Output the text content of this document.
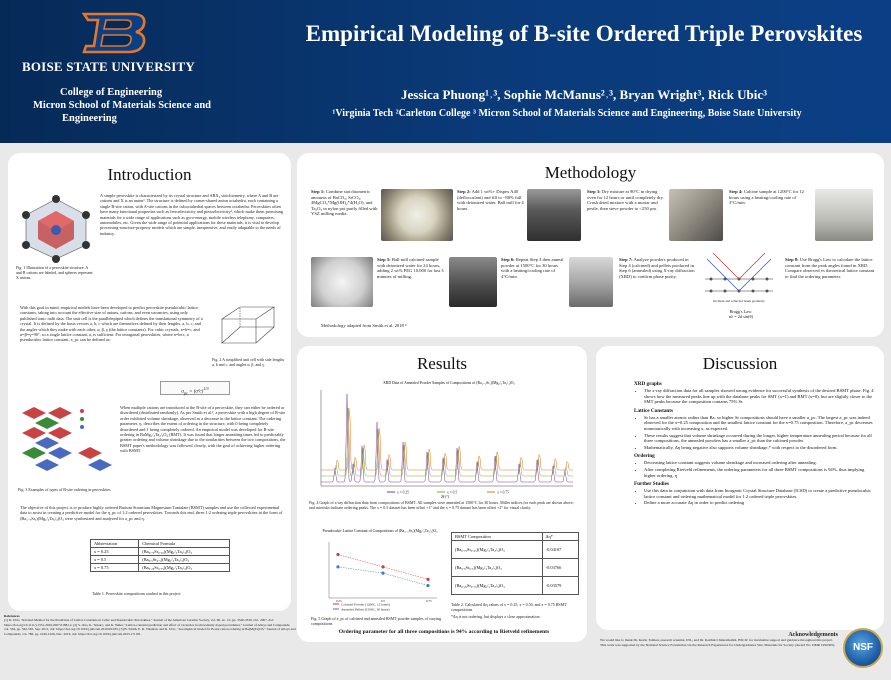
BOISE STATE UNIVERSITY
College of Engineering
Micron School of Materials Science and
Engineering
Empirical Modeling of B-site Ordered Triple Perovskites
Jessica Phuong¹˒³, Sophie McManus²˒³, Bryan Wright³, Rick Ubic³
¹Virginia Tech ²Carleton College ³ Micron School of Materials Science and Engineering, Boise State University
Introduction
Fig. 1 Illustration of a perovskite structure. A and B cations are labeled, and spheres represent X anions.
A simple perovskite is characterized by its crystal structure and ABX₃ stoichiometry, where A and B are cations and X is an anion¹. The structure is defined by corner-shared anion octahedra, each containing a single B-site cation, with A-site cations in the cuboctahedral spaces between octahedra. Perovskites often have many functional properties such as ferroelectricity and piezoelectricity², which make them promising materials for a wide range of applications such as gyro-energy, mobile wireless telephony, computers, automobiles, etc. Given the wide range of potential applications for these materials, it is vital to develop processing-structure-property models which are simple, inexpensive, and easily adaptable to the needs of industry.
With this goal in mind, empirical models have been developed to predict perovskite pseudocubic lattice constants, taking into account the effective size of anions, cations, and even vacancies, using only published ionic radii data. The unit cell is the parallelepiped which defines the translational symmetry of a crystal. It is defined by the basis vectors a, b, c which are themselves defined by their lengths, a, b, c, and the angles which they make with each other, α, β, γ (the lattice constants). For cubic crystals, a=b=c, and α=β=γ=90°, so a single lattice constant, a, is sufficient. For tetragonal perovskites, where a=b≠c, a pseudocubic lattice constant, a_pc can be defined as:
Fig. 2 A simplified unit cell with side lengths a, b and c, and angles α, β, and γ.
$a_{pc} = (a^2c)^{1/3}$
Fig. 3 Examples of types of B-site ordering in perovskites
When multiple cations are introduced at the B-site of a perovskite, they can either be ordered or disordered (distributed randomly). As per Smith et al.³, a perovskite with a high degree of B-site order exhibited volume shrinkage, observed as a decrease in the lattice constant. The ordering parameter, η, describes the extent of ordering in the structure, with 0 being completely disordered and 1 being completely ordered. An empirical model was developed for B-site ordering in BaMg₁/₃Ta₂/₃O₃ (BMT). It was found that longer annealing times led to predictably greater ordering and volume shrinkage due to the similarities between the two compositions, the BSMT paper's methodology was followed closely, with the goal of achieving higher ordering with BSMT.
The objective of this project is to produce highly ordered Barium Strontium Magnesium Tantalate (BSMT) samples and use the collected experimental data to assist in creating a predictive model for the η_pc of 1:2 ordered perovskites. Towards this end, three 1:2 ordering triple perovskites in the form of (Ba₁₋ₓSrₓ)(Mg₁/₃Ta₂/₃)O₃ were synthesized and analyzed for a_pc and η.
Abbreviation	Chemical Formula
x = 0.25	(Ba₀.₇₅Sr₀.₂₅)(Mg₁/₃Ta₂/₃)O₃
x = 0.5	(Ba₀.₅Sr₀.₅)(Mg₁/₃Ta₂/₃)O₃
x = 0.75	(Ba₀.₂₅Sr₀.₇₅)(Mg₁/₃Ta₂/₃)O₃
Table 1. Perovskite compositions studied in this project
References
[1] R. Ubic, "Revised Method for the Prediction of Lattice Constants in Cubic and Pseudocubic Perovskites," Journal of the American Ceramic Society, vol. 90, no. 10, pp. 3326-3330, Oct. 2007, doi: https://doi.org/10.1111/j.1551-2916.2007.01881.x. [2] S. Ono, K. Tetsuro, and K. Yuhei, "Lattice-constant prediction and effect of vacancies in aliovalently doped perovskites," Journal of Alloys and Compounds, vol. 504, pp. 562-565, Sep. 2011, doi: https://doi.org/10.1016/j.jallcom.2010.09.033. [3] B. Smith, E. R. Vaisman, and R. Ubic, "An empirical model for B-site cation ordering in Ba(MgTa)O3," Journal of Alloys and Compounds, vol. 786, pp. 1020-1026, Dec. 2019, doi: https://doi.org/10.1016/j.jallcom.2023.171181.
Methodology
Step 1: Combine stoichiometric amounts of BaCO₃, SrCO₃, 4MgCO₃*Mg(OH)₂*4(H₂O), and Ta₂O₅ in nylon pot partly filled with YSZ milling media.
Step 2: Add 1 wt%+ Dispex A40 (deflocculant) and fill to ~80% full with deionized water. Ball mill for 4 hours.
Step 3: Dry mixture at 90°C in drying oven for 12 hours or until completely dry. Crush dried mixture with a mortar and pestle, then sieve powder to <250 μm.
Step 4: Calcine sample at 1200°C for 12 hours using a heating/cooling rate of 3°C/min.
Step 5: Ball mill calcined sample with deionized water for 24 hours, adding 2 wt% PEG 10,000 for last 3 minutes of milling.
Step 6: Repeat Step 3 then anneal powder at 1500°C for 30 hours with a heating/cooling rate of 4°C/min.
Step 7: Analyze powders produced in Step 4 (calcined) and pellets produced in Step 6 (annealed) using X-ray diffraction (XRD) to confirm phase purity.
Incident and reflected beam geometry
Bragg's Law:
nλ = 2d sin(θ)
Step 8: Use Bragg's Law to calculate the lattice constant from the peak angles found in XRD. Compare observed vs theoretical lattice constant to find the ordering parameter.
Methodology adapted from Smith et al. 2018 ³
Results
XRD Data of Annealed Powder Samples of Compositions of (Ba₁₋ₓSrₓ)(Mg₁/₃Ta₂/₃)O₃
x = 0.25	x = 0.5	x = 0.75
2θ (°)
Fig. 4 Graph of x-ray diffraction data from compositions of BSMT. All samples were annealed at 1500°C for 30 hours. Miller indices for each peak are shown above, and asterisks indicate ordering peaks. The x = 0.5 dataset has been offset +1° and the x = 0.75 dataset has been offset +2° for visual clarity.
Pseudocubic Lattice Constant of Compositions of (Ba₁₋ₓSrₓ)(Mg₁/₃Ta₂/₃)O₃
Calcined Powder (1200C, 12 hours)
Annealed Pellets (1500C, 30 hours)
0.25	0.5	0.75
Fig. 5 Graph of a_pc of calcined and annealed BSMT powder samples of varying compositions
BSMT Composition	Δη*
(Ba₀.₇₅Sr₀.₂₅)(Mg₁/₃Ta₂/₃)O₃	-0.04107
(Ba₀.₅Sr₀.₅)(Mg₁/₃Ta₂/₃)O₃	-0.03766
(Ba₀.₂₅Sr₀.₇₅)(Mg₁/₃Ta₂/₃)O₃	-0.03579
Table 2. Calculated Δη values of x = 0.25, x = 0.50, and x = 0.75 BSMT compositions
*Δη is not ordering, but displays a close approximation.
Ordering parameter for all three compositions is 94% according to Rietveld refinements
Discussion
XRD graphs
• The x-ray diffraction data for all samples showed strong evidence for successful synthesis of the desired BSMT phase. Fig. 4 shows how the measured peaks line up with the database peaks for SMT (x=1) and BMT (x=0), but are slightly closer to the SMT peaks because the composition contains 75% Sr.
Lattice Constants
• Sr has a smaller atomic radius than Ba, so higher Sr compositions should have a smaller a_pc. The largest a_pc was indeed observed for the x=0.25 composition and the smallest lattice constant for the x=0.75 composition. Therefore, a_pc decreases monotonically with increasing x, as expected.
• These results suggest that volume shrinkage occurred during the longer, higher temperature annealing period because for all three compositions, the annealed powders has a smaller a_pc than the calcined powder.
• Mathematically, Δη being negative also supports volume shrinkage,* with respect to the disordered form.
Ordering
• Decreasing lattice constant suggests volume shrinkage and increased ordering after annealing.
• After completing Rietveld refinements, the ordering parameters for all three BSMT compositions is 94%, thus implying higher ordering, η
Further Studies
• Use this data in conjunction with data from Inorganic Crystal Structure Database (ICSD) to create a predictive pseudocubic lattice constant and ordering mathematical model for 1:2 ordered triple perovskites.
• Define a more accurate Δη in order to predict ordering
Acknowledgements
We would like to thank Dr. Kevin Tolman, research scientist, INL, and Dr. Karthik Chinnathambi, BSCIC for invaluable support and guidance throughout this project. This work was supported by the National Science Foundation via the Research Experiences for Undergraduates Site: Materials for Society (Award No. DMR 1950305).	NSF
